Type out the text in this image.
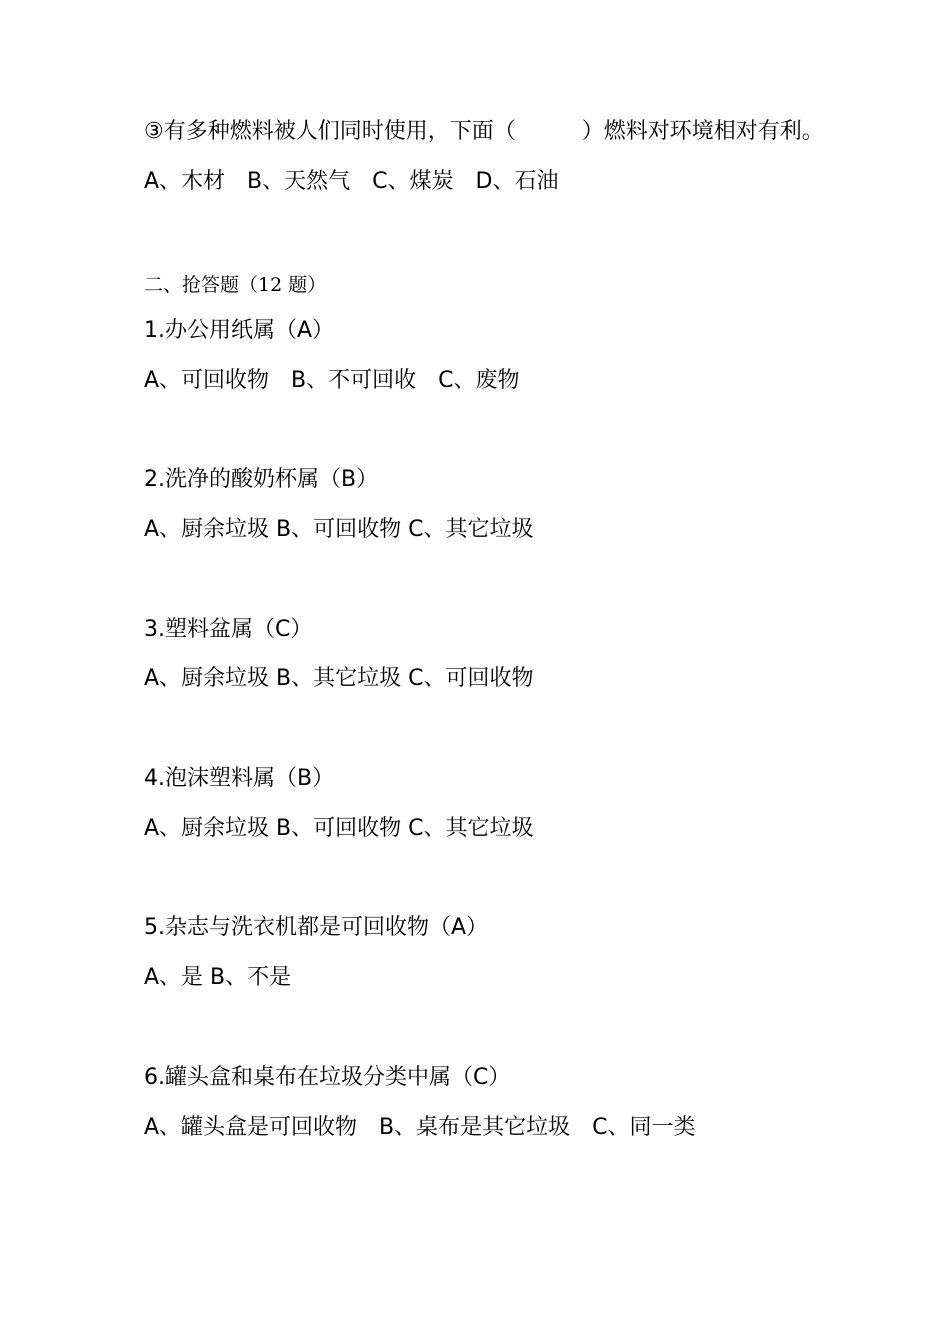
③有多种燃料被人们同时使用，下面（　　　）燃料对环境相对有利。
A、木材　B、天然气　C、煤炭　D、石油
二、抢答题（12 题）
1.办公用纸属（A）
A、可回收物　B、不可回收　C、废物
2.洗净的酸奶杯属（B）
A、厨余垃圾 B、可回收物 C、其它垃圾
3.塑料盆属（C）
A、厨余垃圾 B、其它垃圾 C、可回收物
4.泡沫塑料属（B）
A、厨余垃圾 B、可回收物 C、其它垃圾
5.杂志与洗衣机都是可回收物（A）
A、是 B、不是
6.罐头盒和桌布在垃圾分类中属（C）
A、罐头盒是可回收物　B、桌布是其它垃圾　C、同一类
